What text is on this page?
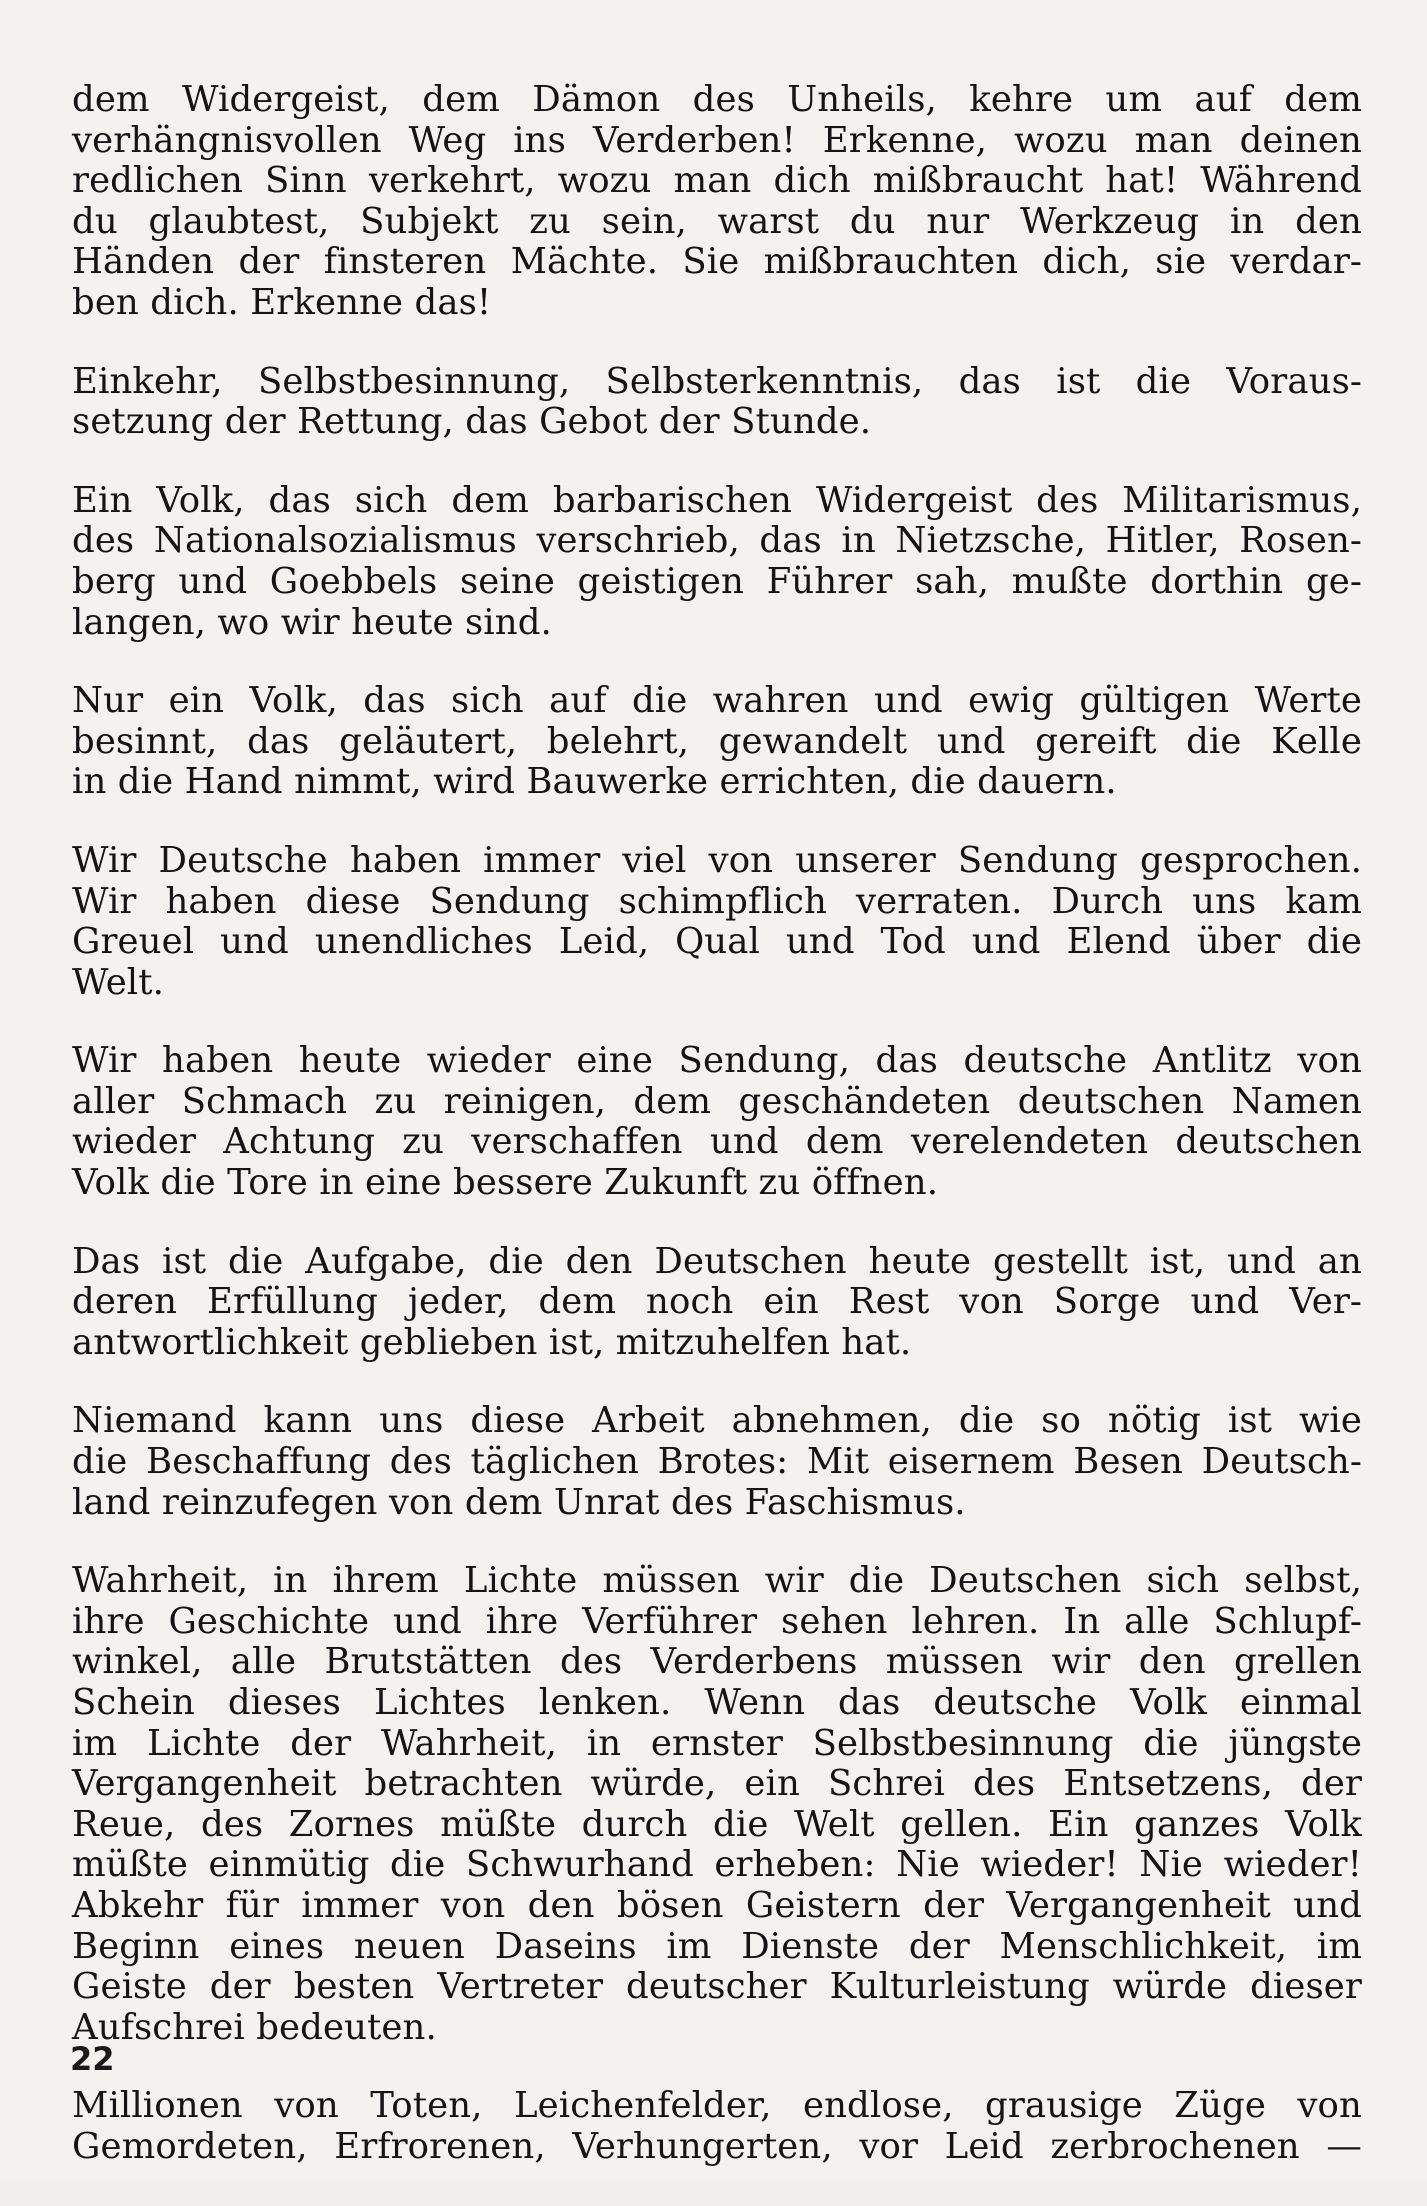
dem Widergeist, dem Dämon des Unheils, kehre um auf dem
verhängnisvollen Weg ins Verderben! Erkenne, wozu man deinen
redlichen Sinn verkehrt, wozu man dich mißbraucht hat! Während
du glaubtest, Subjekt zu sein, warst du nur Werkzeug in den
Händen der finsteren Mächte. Sie mißbrauchten dich, sie verdar-
ben dich. Erkenne das!
Einkehr, Selbstbesinnung, Selbsterkenntnis, das ist die Voraus-
setzung der Rettung, das Gebot der Stunde.
Ein Volk, das sich dem barbarischen Widergeist des Militarismus,
des Nationalsozialismus verschrieb, das in Nietzsche, Hitler, Rosen-
berg und Goebbels seine geistigen Führer sah, mußte dorthin ge-
langen, wo wir heute sind.
Nur ein Volk, das sich auf die wahren und ewig gültigen Werte
besinnt, das geläutert, belehrt, gewandelt und gereift die Kelle
in die Hand nimmt, wird Bauwerke errichten, die dauern.
Wir Deutsche haben immer viel von unserer Sendung gesprochen.
Wir haben diese Sendung schimpflich verraten. Durch uns kam
Greuel und unendliches Leid, Qual und Tod und Elend über die
Welt.
Wir haben heute wieder eine Sendung, das deutsche Antlitz von
aller Schmach zu reinigen, dem geschändeten deutschen Namen
wieder Achtung zu verschaffen und dem verelendeten deutschen
Volk die Tore in eine bessere Zukunft zu öffnen.
Das ist die Aufgabe, die den Deutschen heute gestellt ist, und an
deren Erfüllung jeder, dem noch ein Rest von Sorge und Ver-
antwortlichkeit geblieben ist, mitzuhelfen hat.
Niemand kann uns diese Arbeit abnehmen, die so nötig ist wie
die Beschaffung des täglichen Brotes: Mit eisernem Besen Deutsch-
land reinzufegen von dem Unrat des Faschismus.
Wahrheit, in ihrem Lichte müssen wir die Deutschen sich selbst,
ihre Geschichte und ihre Verführer sehen lehren. In alle Schlupf-
winkel, alle Brutstätten des Verderbens müssen wir den grellen
Schein dieses Lichtes lenken. Wenn das deutsche Volk einmal
im Lichte der Wahrheit, in ernster Selbstbesinnung die jüngste
Vergangenheit betrachten würde, ein Schrei des Entsetzens, der
Reue, des Zornes müßte durch die Welt gellen. Ein ganzes Volk
müßte einmütig die Schwurhand erheben: Nie wieder! Nie wieder!
Abkehr für immer von den bösen Geistern der Vergangenheit und
Beginn eines neuen Daseins im Dienste der Menschlichkeit, im
Geiste der besten Vertreter deutscher Kulturleistung würde dieser
Aufschrei bedeuten.
Millionen von Toten, Leichenfelder, endlose, grausige Züge von
Gemordeten, Erfrorenen, Verhungerten, vor Leid zerbrochenen —
22
